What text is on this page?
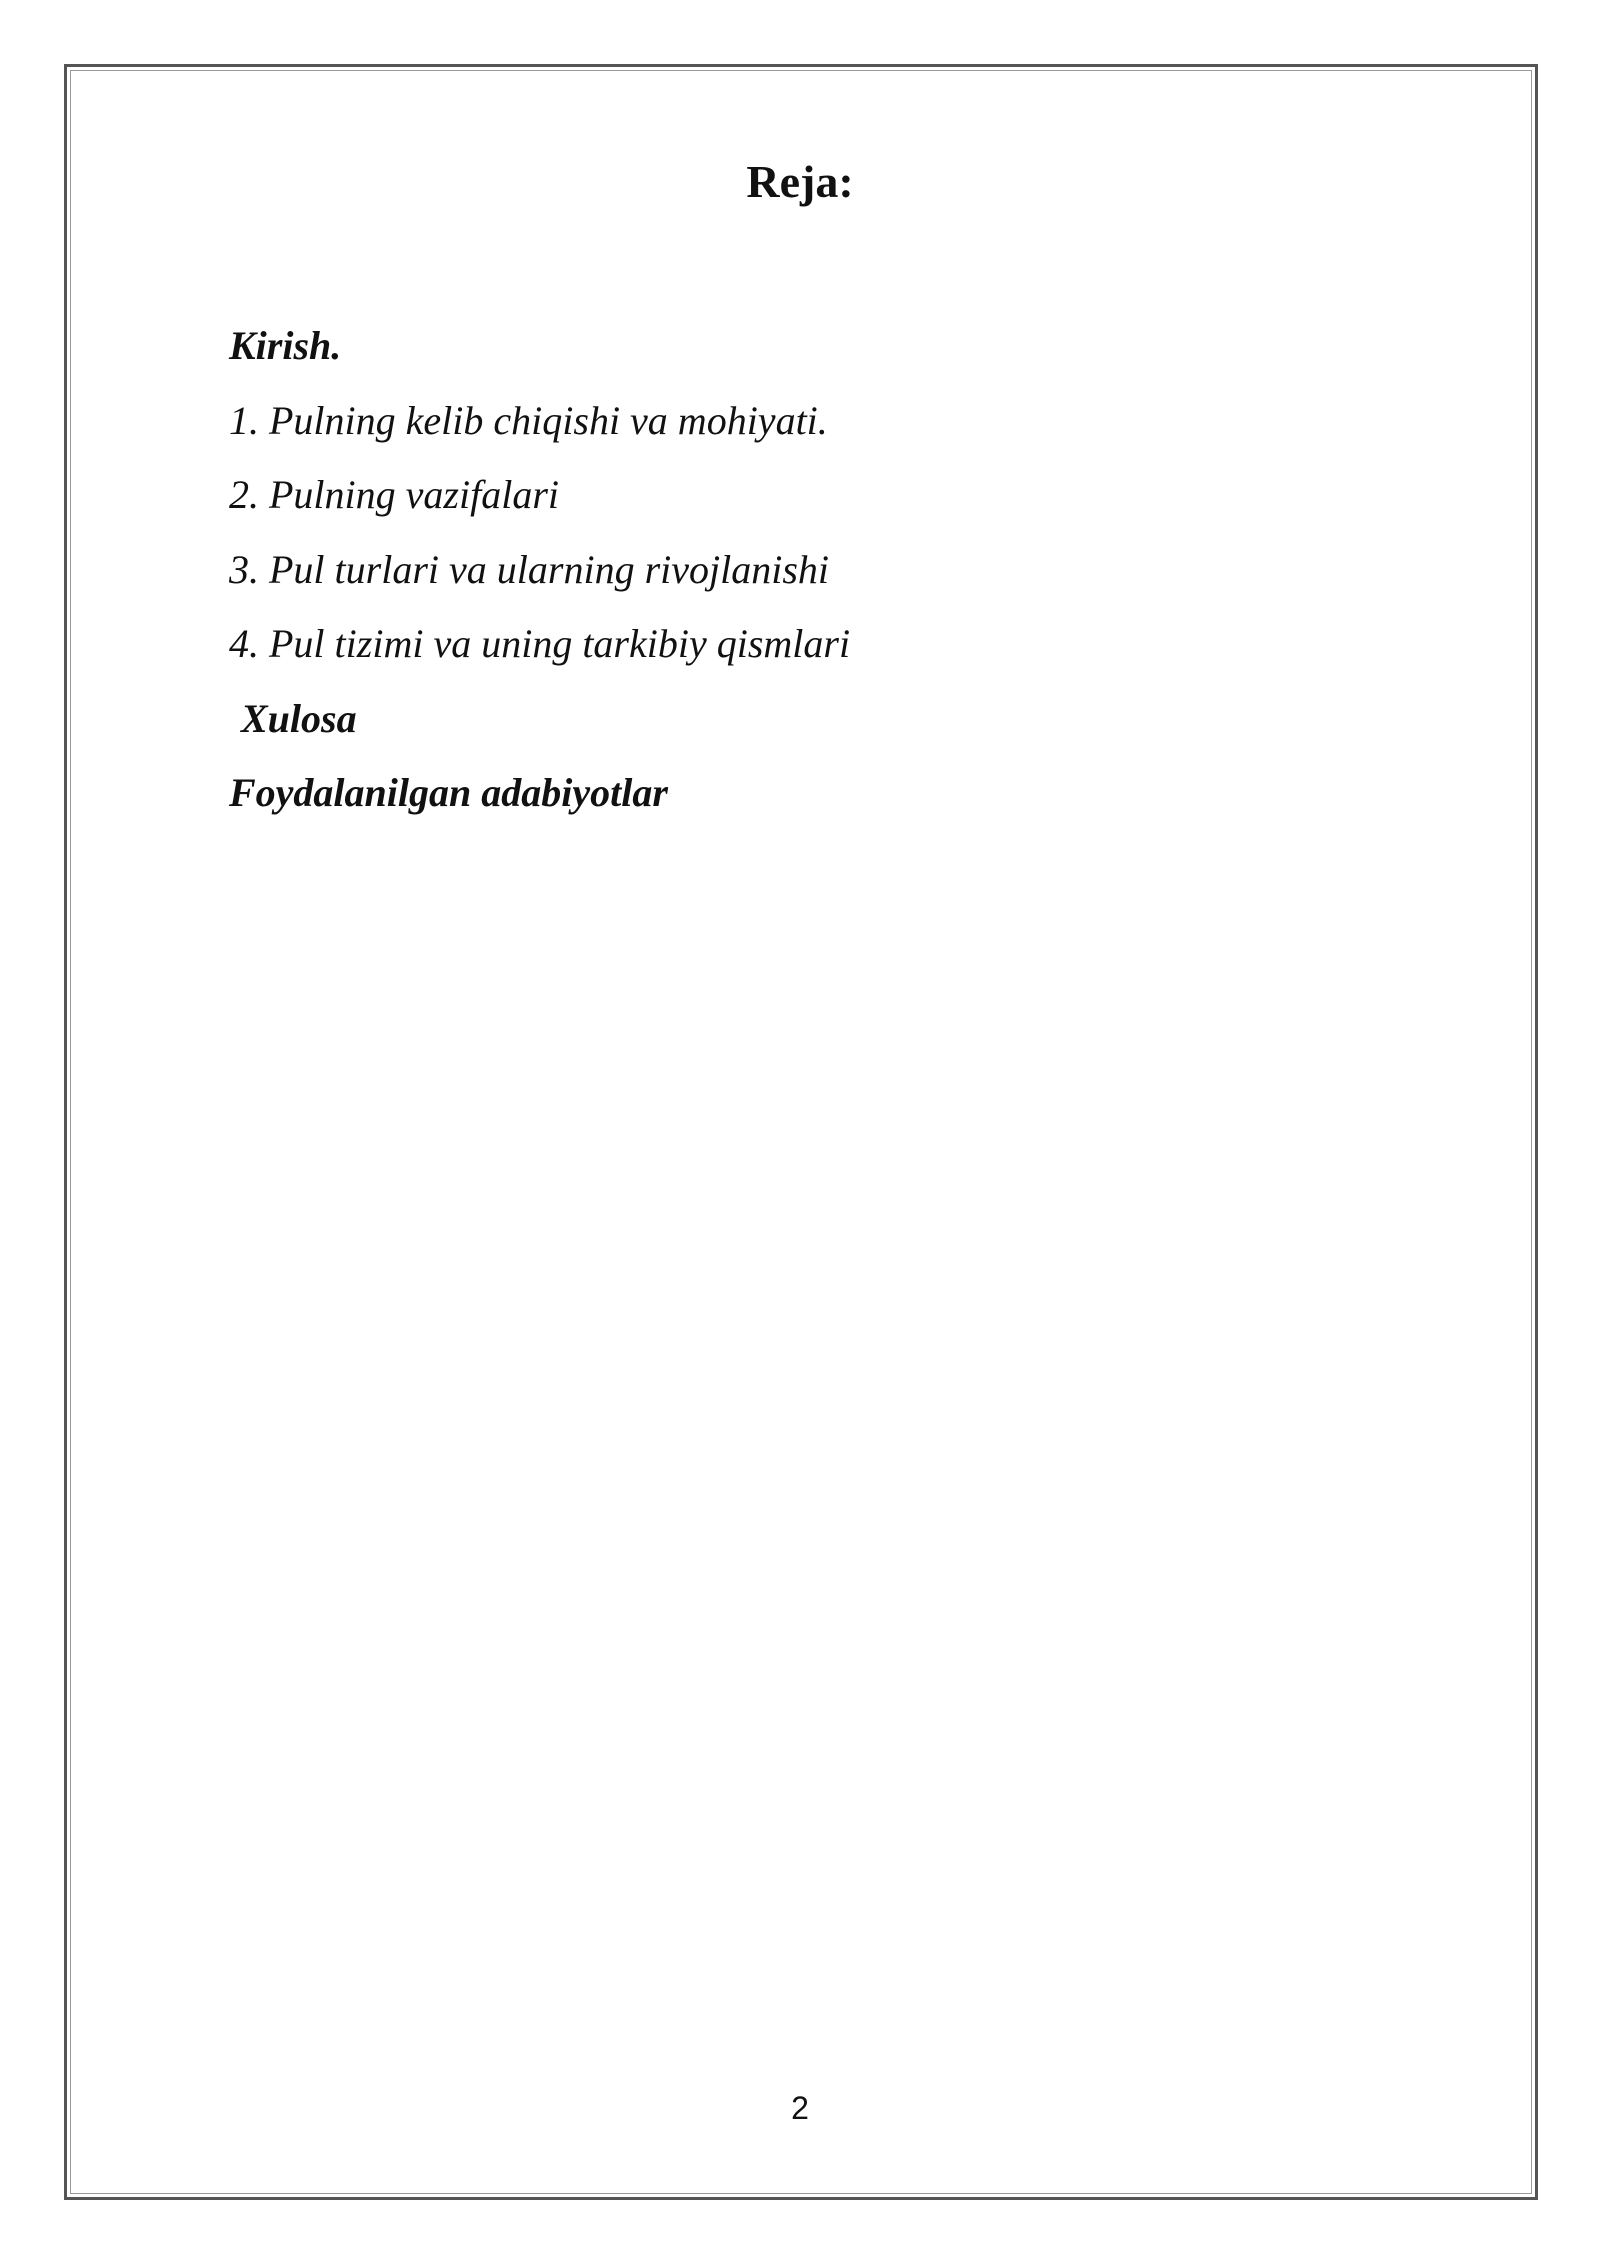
Reja:
Kirish.
1. Pulning kelib chiqishi va mohiyati.
2. Pulning vazifalari
3. Pul turlari va ularning rivojlanishi
4. Pul tizimi va uning tarkibiy qismlari
Xulosa
Foydalanilgan adabiyotlar
2
